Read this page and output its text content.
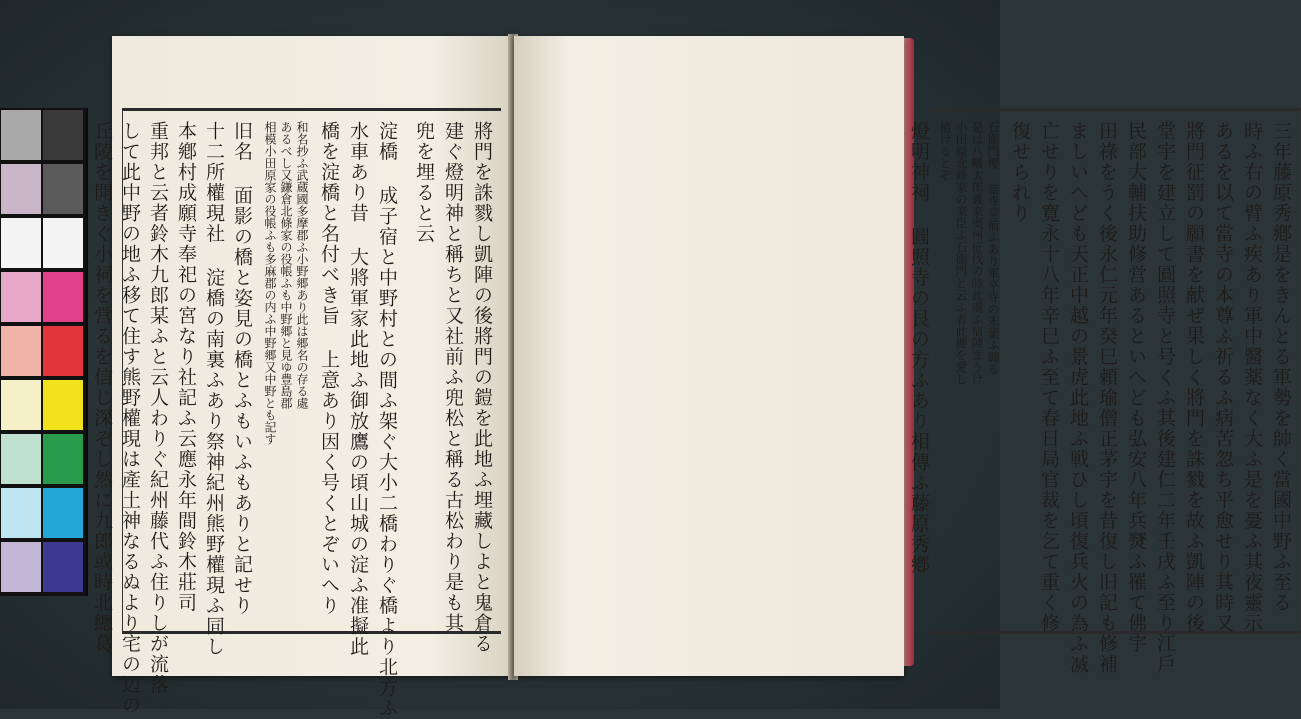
將門を誅戮し凱陣の後將門の鎧を此地ふ埋藏しよと鬼倉る
建ぐ燈明神と稱ちと又社前ふ兜松と稱る古松わり是も其
兜を埋ると云
淀橋 成子宿と中野村との間ふ架ぐ大小二橋わりぐ橋より北方ふ
水車あり昔 大將軍家此地ふ御放鷹の頃山城の淀ふ准擬此
橋を淀橋と名付べき旨 上意あり因く号くとぞいへり
和名抄ふ武蔵國多摩郡ふ小野郷あり此は郷名の存る處
あるべし又鎌倉北條家の役帳ふも中野郷と見ゆ豊島郡
相模小田原家の役帳ふも多麻郡の内ふ中野郷又中野とも記す
旧名 面影の橋と姿見の橋とふもいふもありと記せり
十二所權現社 淀橋の南裏ふあり祭神紀州熊野權現ふ同し
本鄕村成願寺奉祀の宮なり社記ふ云應永年間鈴木莊司
重邦と云者鈴木九郎某ふと云人わりぐ紀州藤代ふ住りしが流落
して此中野の地ふ移て住す熊野權現は產土神なるぬより宅の辺の
丘陵を開きぐ小祠を営るを信じ深ぞし然に九郎或時北總葛	三年藤原秀鄕是をきんとる軍勢を帥く當國中野ふ至る
時ふ右の臂ふ疾あり軍中醫薬なく大ふ是を憂ふ其夜靈示
あるを以て當寺の本尊ふ祈るふ病苦忽ち平愈せり其時又
將門征罰の願書を献ぜ果しく將門を誅戮を故ふ凱陣の後
堂宇を建立して圓照寺と号くふ其後建仁二年壬戌ふ至り江戶
民部大輔扶助修営あるといへども弘安八年兵燹ふ罹て佛宇
田祿をうく後永仁元年癸巳頼瑜僧正茅宇を昔復し旧記も修補
ましいへども天正中越の景虎此地ふ戦ひし頃復兵火の為ふ㓕
亡せりを寛永十八年辛巳ふ至て春日局官裁を乞て重く修
復せられり
石衞門櫻 當寺堂前ふあり軍卒寺の末葉ふ纏る
是は八幡太郎義家奥州征伐の時此處ふ宿陣まうけ
小田原北條家の家臣ふ石衞門と云ふ者此櫻を愛し
植けるとぞ
燈明神祠 圓照寺の艮の方ふあり相傳ふ藤原秀鄕
